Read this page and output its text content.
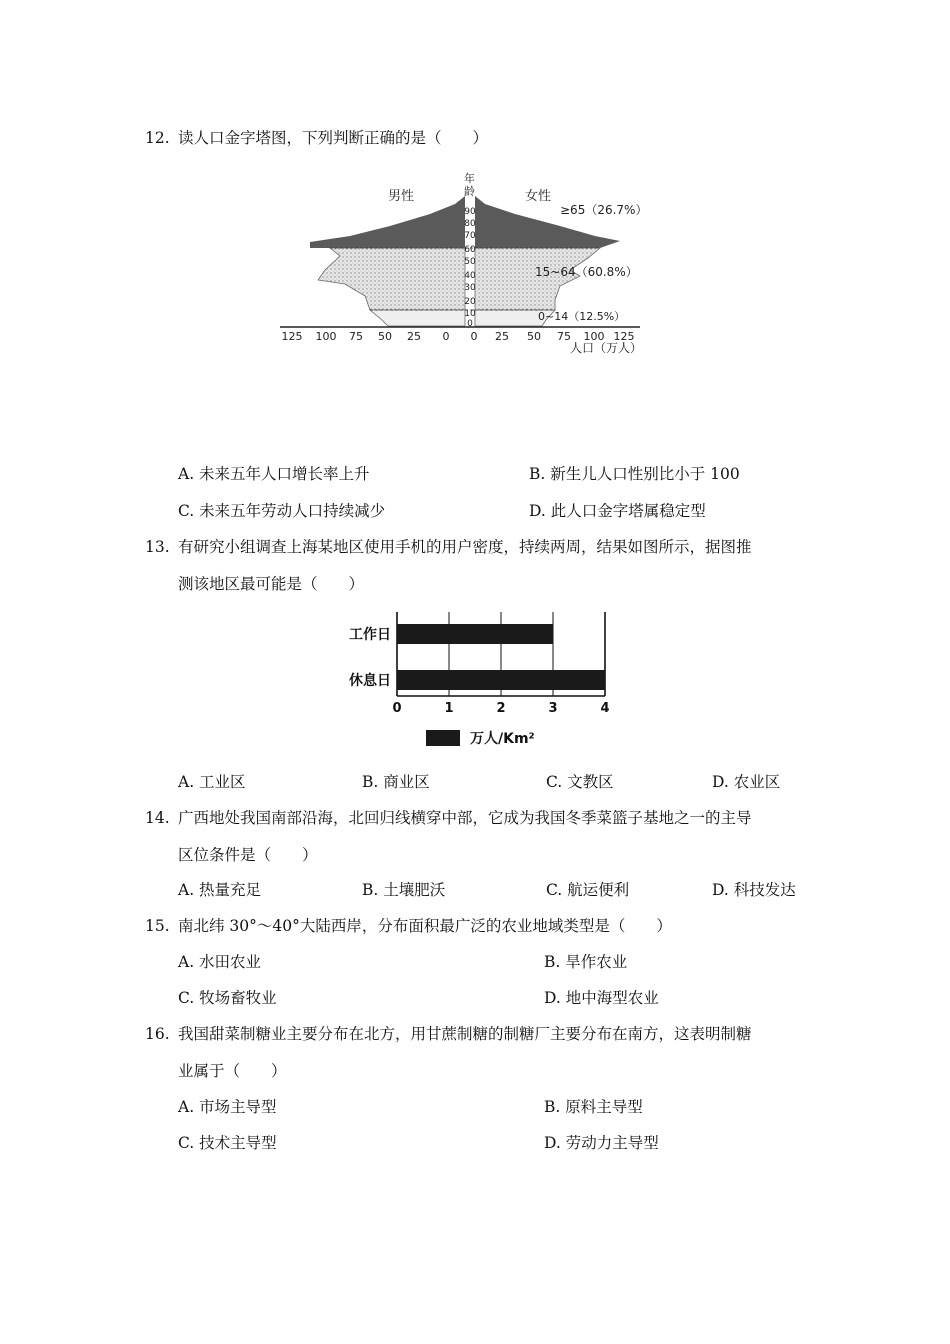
12. 读人口金字塔图，下列判断正确的是（　　）
男性	女性
年
龄
90
80
70
60
50
40
30
20
10
0
125 100 75 50 25 0 0 25 50 75 100 125
人口（万人）
≥65（26.7%）
15~64（60.8%）
0~14（12.5%）
A. 未来五年人口增长率上升	B. 新生儿人口性别比小于 100
C. 未来五年劳动人口持续减少	D. 此人口金字塔属稳定型
13. 有研究小组调查上海某地区使用手机的用户密度，持续两周，结果如图所示，据图推
测该地区最可能是（　　）
工作日
休息日
0	1	2	3	4
万人/Km²
A. 工业区	B. 商业区	C. 文教区	D. 农业区
14. 广西地处我国南部沿海，北回归线横穿中部，它成为我国冬季菜篮子基地之一的主导
区位条件是（　　）
A. 热量充足	B. 土壤肥沃	C. 航运便利	D. 科技发达
15. 南北纬 30°～40°大陆西岸，分布面积最广泛的农业地域类型是（　　）
A. 水田农业	B. 旱作农业
C. 牧场畜牧业	D. 地中海型农业
16. 我国甜菜制糖业主要分布在北方，用甘蔗制糖的制糖厂主要分布在南方，这表明制糖
业属于（　　）
A. 市场主导型	B. 原料主导型
C. 技术主导型	D. 劳动力主导型
